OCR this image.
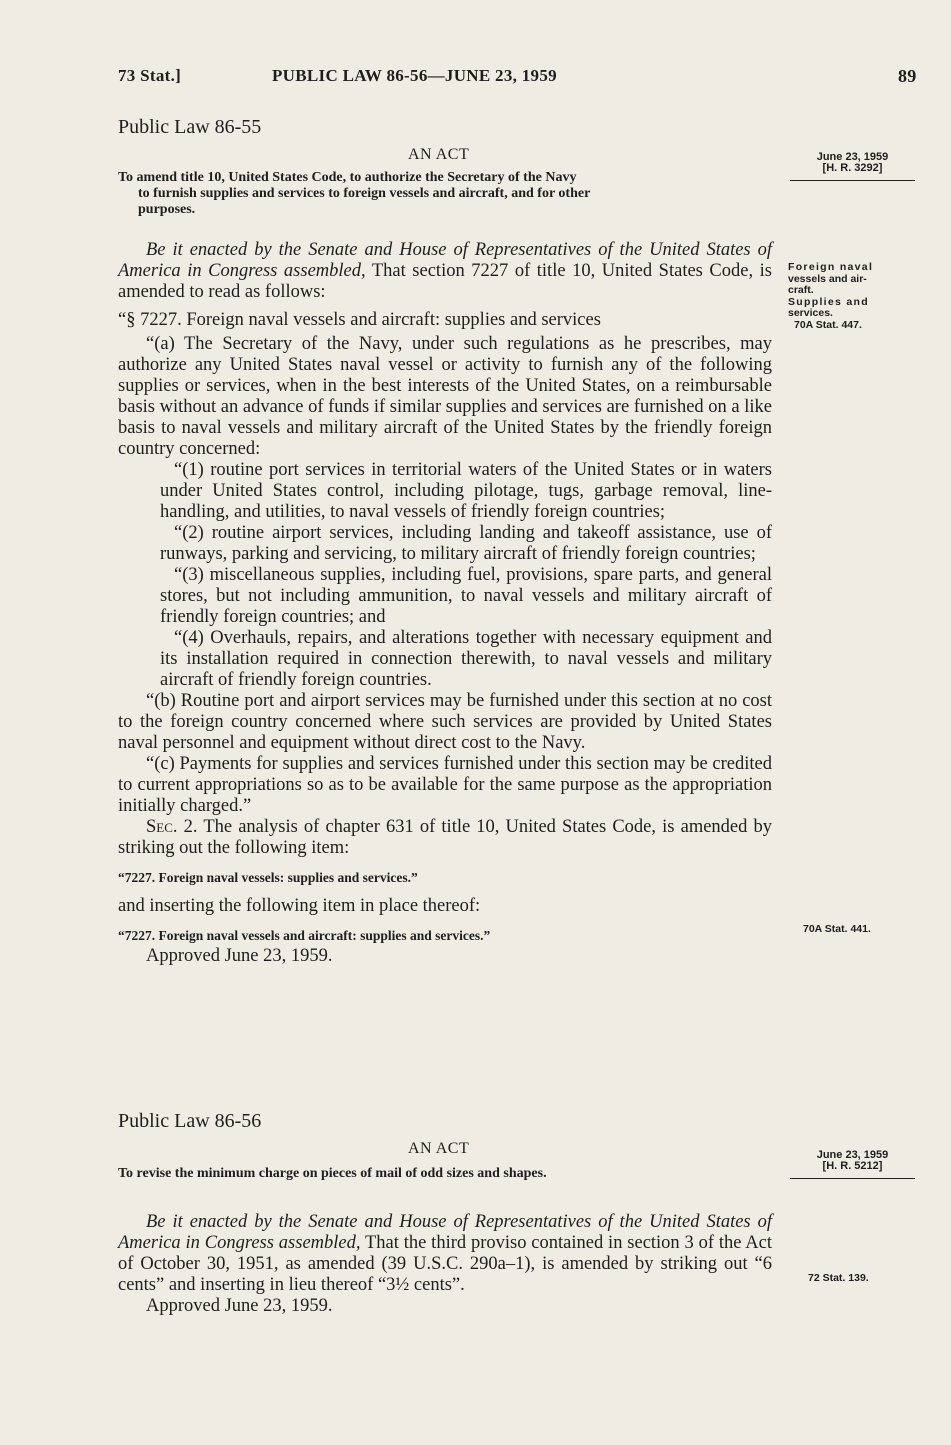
73 Stat.]	PUBLIC LAW 86-56—JUNE 23, 1959	89
Public Law 86-55
AN ACT	June 23, 1959
[H. R. 3292]
To amend title 10, United States Code, to authorize the Secretary of the Navy
to furnish supplies and services to foreign vessels and aircraft, and for other
purposes.
Foreign naval
vessels and air-
craft.
Supplies and
services.
70A Stat. 447.

Be it enacted by the Senate and House of Representatives of the United States of America in Congress assembled, That section 7227 of title 10, United States Code, is amended to read as follows:

“§ 7227. Foreign naval vessels and aircraft: supplies and services

“(a) The Secretary of the Navy, under such regulations as he prescribes, may authorize any United States naval vessel or activity to furnish any of the following supplies or services, when in the best interests of the United States, on a reimbursable basis without an advance of funds if similar supplies and services are furnished on a like basis to naval vessels and military aircraft of the United States by the friendly foreign country concerned:

“(1) routine port services in territorial waters of the United States or in waters under United States control, including pilotage, tugs, garbage removal, line-handling, and utilities, to naval vessels of friendly foreign countries;

“(2) routine airport services, including landing and takeoff assistance, use of runways, parking and servicing, to military aircraft of friendly foreign countries;

“(3) miscellaneous supplies, including fuel, provisions, spare parts, and general stores, but not including ammunition, to naval vessels and military aircraft of friendly foreign countries; and

“(4) Overhauls, repairs, and alterations together with necessary equipment and its installation required in connection therewith, to naval vessels and military aircraft of friendly foreign countries.

“(b) Routine port and airport services may be furnished under this section at no cost to the foreign country concerned where such services are provided by United States naval personnel and equipment without direct cost to the Navy.

“(c) Payments for supplies and services furnished under this section may be credited to current appropriations so as to be available for the same purpose as the appropriation initially charged.”

Sec. 2. The analysis of chapter 631 of title 10, United States Code, is amended by striking out the following item:

“7227. Foreign naval vessels: supplies and services.”

and inserting the following item in place thereof:

“7227. Foreign naval vessels and aircraft: supplies and services.”

Approved June 23, 1959.

70A Stat. 441.
Public Law 86-56
AN ACT	June 23, 1959
[H. R. 5212]
To revise the minimum charge on pieces of mail of odd sizes and shapes.

Be it enacted by the Senate and House of Representatives of the United States of America in Congress assembled, That the third proviso contained in section 3 of the Act of October 30, 1951, as amended (39 U.S.C. 290a–1), is amended by striking out “6 cents” and inserting in lieu thereof “3½ cents”.

Approved June 23, 1959.

72 Stat. 139.
